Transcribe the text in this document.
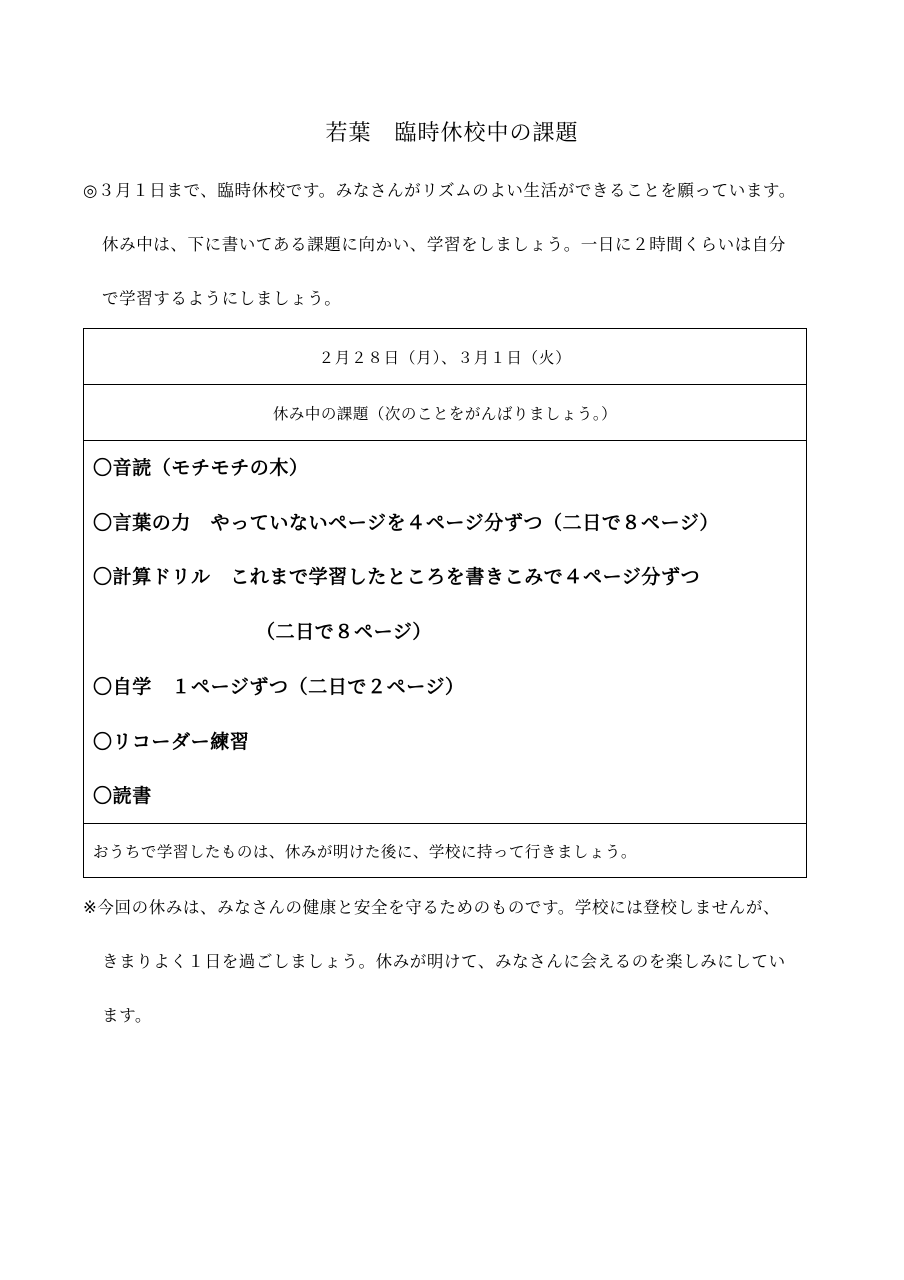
若葉　臨時休校中の課題
◎３月１日まで、臨時休校です。みなさんがリズムのよい生活ができることを願っています。
休み中は、下に書いてある課題に向かい、学習をしましょう。一日に２時間くらいは自分
で学習するようにしましょう。
２月２８日（月）、３月１日（火）
休み中の課題（次のことをがんばりましょう。）
〇音読（モチモチの木）
〇言葉の力　やっていないページを４ページ分ずつ（二日で８ページ）
〇計算ドリル　これまで学習したところを書きこみで４ページ分ずつ
（二日で８ページ）
〇自学　１ページずつ（二日で２ページ）
〇リコーダー練習
〇読書
おうちで学習したものは、休みが明けた後に、学校に持って行きましょう。
※今回の休みは、みなさんの健康と安全を守るためのものです。学校には登校しませんが、
きまりよく１日を過ごしましょう。休みが明けて、みなさんに会えるのを楽しみにしてい
ます。
